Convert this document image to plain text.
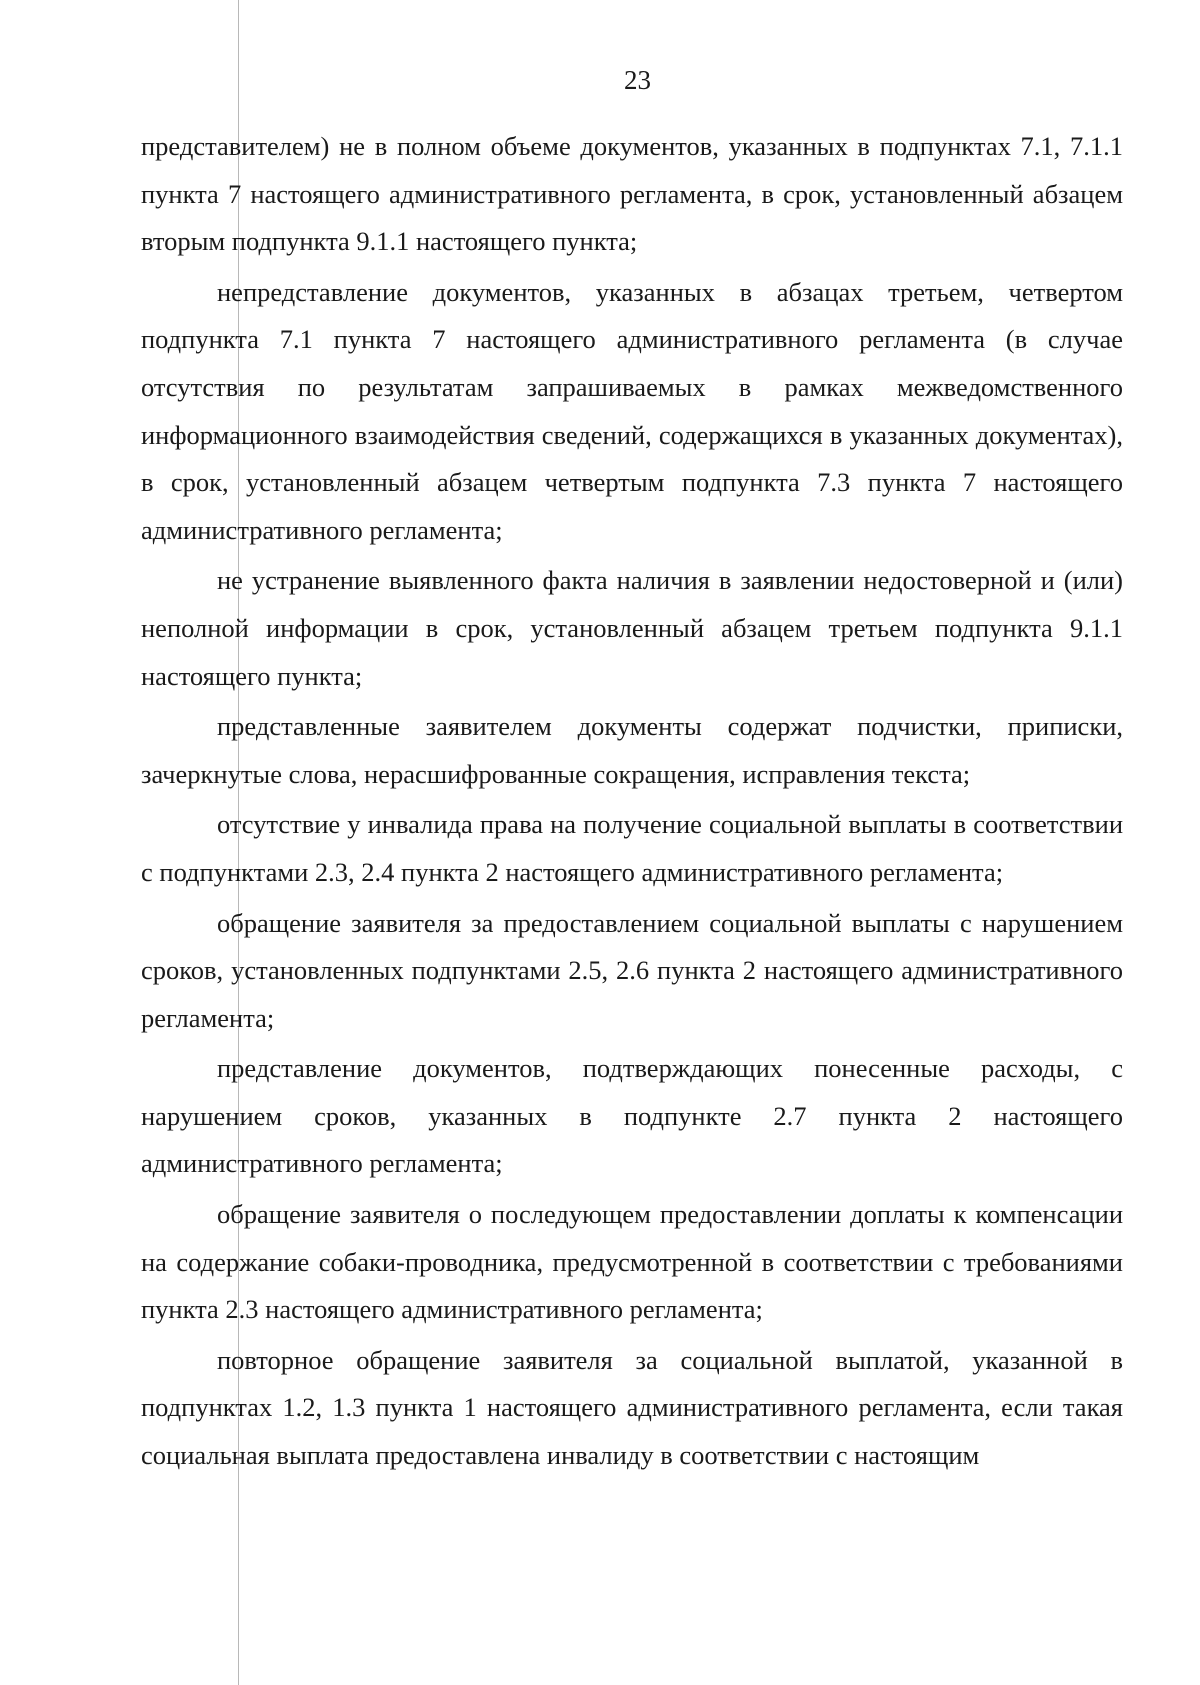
23

представителем) не в полном объеме документов, указанных в подпунктах 7.1, 7.1.1 пункта 7 настоящего административного регламента, в срок, установленный абзацем вторым подпункта 9.1.1 настоящего пункта;

непредставление документов, указанных в абзацах третьем, четвертом подпункта 7.1 пункта 7 настоящего административного регламента (в случае отсутствия по результатам запрашиваемых в рамках межведомственного информационного взаимодействия сведений, содержащихся в указанных документах), в срок, установленный абзацем четвертым подпункта 7.3 пункта 7 настоящего административного регламента;

не устранение выявленного факта наличия в заявлении недостоверной и (или) неполной информации в срок, установленный абзацем третьем подпункта 9.1.1 настоящего пункта;

представленные заявителем документы содержат подчистки, приписки, зачеркнутые слова, нерасшифрованные сокращения, исправления текста;

отсутствие у инвалида права на получение социальной выплаты в соответствии с подпунктами 2.3, 2.4 пункта 2 настоящего административного регламента;

обращение заявителя за предоставлением социальной выплаты с нарушением сроков, установленных подпунктами 2.5, 2.6 пункта 2 настоящего административного регламента;

представление документов, подтверждающих понесенные расходы, с нарушением сроков, указанных в подпункте 2.7 пункта 2 настоящего административного регламента;

обращение заявителя о последующем предоставлении доплаты к компенсации на содержание собаки-проводника, предусмотренной в соответствии с требованиями пункта 2.3 настоящего административного регламента;

повторное обращение заявителя за социальной выплатой, указанной в подпунктах 1.2, 1.3 пункта 1 настоящего административного регламента, если такая социальная выплата предоставлена инвалиду в соответствии с настоящим
